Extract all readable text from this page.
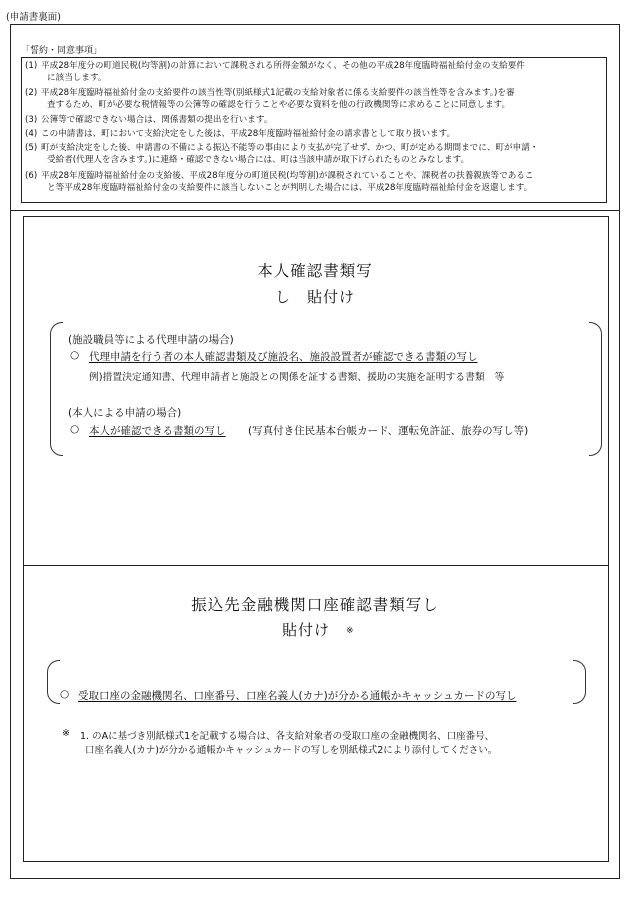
(申請書裏面)
「誓約・同意事項」
(1) 平成28年度分の町道民税(均等割)の計算において課税される所得金額がなく、その他の平成28年度臨時福祉給付金の支給要件
に該当します。
(2) 平成28年度臨時福祉給付金の支給要件の該当性等(別紙様式1記載の支給対象者に係る支給要件の該当性等を含みます。)を審
査するため、町が必要な税情報等の公簿等の確認を行うことや必要な資料を他の行政機関等に求めることに同意します。
(3) 公簿等で確認できない場合は、関係書類の提出を行います。
(4) この申請書は、町において支給決定をした後は、平成28年度臨時福祉給付金の請求書として取り扱います。
(5) 町が支給決定をした後、申請書の不備による振込不能等の事由により支払が完了せず、かつ、町が定める期間までに、町が申請・
受給者(代理人を含みます。)に連絡・確認できない場合には、町は当該申請が取下げられたものとみなします。
(6) 平成28年度臨時福祉給付金の支給後、平成28年度分の町道民税(均等割)が課税されていることや、課税者の扶養親族等であるこ
と等平成28年度臨時福祉給付金の支給要件に該当しないことが判明した場合には、平成28年度臨時福祉給付金を返還します。
本人確認書類写
し　貼付け
(施設職員等による代理申請の場合)
○ 代理申請を行う者の本人確認書類及び施設名、施設設置者が確認できる書類の写し
例)措置決定通知書、代理申請者と施設との関係を証する書類、援助の実施を証明する書類　等
(本人による申請の場合)
○ 本人が確認できる書類の写し (写真付き住民基本台帳カード、運転免許証、旅券の写し等)
振込先金融機関口座確認書類写し
貼付け ※
○ 受取口座の金融機関名、口座番号、口座名義人(カナ)が分かる通帳かキャッシュカードの写し
※ 1. のAに基づき別紙様式1を記載する場合は、各支給対象者の受取口座の金融機関名、口座番号、
口座名義人(カナ)が分かる通帳かキャッシュカードの写しを別紙様式2により添付してください。
